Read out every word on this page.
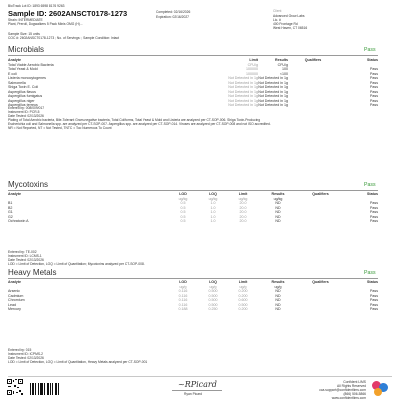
BioTrack Lot ID: 1893 6598 8176 9263
Sample ID: 2602ANSCT0178-1273
Strain: INTERMEDIATE
Plant, Preroll, Dogwalkers 5 Pack Minis OMG (H)...
Completed: 02/16/2026
Expiration: 02/16/2027
Client
Advanced Grow Labs
Lic. #
400 Frontage Rd
West Haven, CT 06516
Sample Size: 15 units
COC #: 2602ANSCT0178-1273 ; No. of Servings: ; Sample Condition: Intact
Microbials	Pass
Analyte	Limit	Results	Qualifiers	Status
Total Viable Aerobic Bacteria	CFU/g	CFU/g		
Total Yeast & Mold	100000	100		Pass
E coli	100000	<100		Pass
Listeria monocytogenes	Not Detected in 1g	Not Detected in 1g		Pass
Salmonella	Not Detected in 1g	Not Detected in 1g		Pass
Shiga Toxin E. Coli	Not Detected in 1g	Not Detected in 1g		Pass
Aspergillus flavus	Not Detected in 1g	Not Detected in 1g		Pass
Aspergillus fumigatus	Not Detected in 1g	Not Detected in 1g		Pass
Aspergillus niger	Not Detected in 1g	Not Detected in 1g		Pass
Aspergillus terreus	Not Detected in 1g	Not Detected in 1g		Pass
Entered by: 008/009/017
Instrument ID: PCR-5
Date Tested: 02/13/2026
Plating of Total Aerobic bacteria, Bile-Tolerant Gram-negative bacteria, Total Coliforms, Total Yeast & Mold and Listeria are analyzed per CT-SOP-006. Shiga Toxin-Producing
Escherichia coli and Salmonella spp. are analyzed per CT-SOP-007. Aspergillus spp. are analyzed per CT-SOP-014. Viruses are analyzed per CT-SOP-008 and not ISO accredited.
NR = Not Reported, NT = Not Tested, TNTC = Too Numerous To Count
Mycotoxins	Pass
Analyte	LOD	LOQ	Limit	Results	Qualifiers	Status
	ug/kg	ug/kg	ug/kg	ug/kg		
B1	0.5	1.0	20.0	ND		Pass
B2	0.5	1.0	20.0	ND		Pass
G1	0.5	1.0	20.0	ND		Pass
G2	0.5	1.0	20.0	ND		Pass
Ochratoxin A	0.5	1.0	20.0	ND		Pass
Entered by: TE-002
Instrument ID: LCMS-1
Date Tested: 02/13/2026
LOD = Limit of Detection, LOQ = Limit of Quantitation; Mycotoxins analyzed per CT-SOP-008.
Heavy Metals	Pass
Analyte	LOD	LOQ	Limit	Results	Qualifiers	Status
	ug/g	ug/g	ug/g	ug/g		
Arsenic	0.116	0.500	0.200	ND		Pass
Cadmium	0.116	0.500	0.200	ND		Pass
Chromium	0.116	0.500	0.600	ND		Pass
Lead	0.116	0.500	0.500	ND		Pass
Mercury	0.188	0.250	0.200	ND		Pass
Entered by: 015
Instrument ID: ICPMS-2
Date Tested: 02/13/2026
LOD = Limit of Detection, LOQ = Limit of Quantitation, Heavy Metals analyzed per CT-SOP-001
~RPicard
Ryan Picard
Confident LIMS
All Rights Reserved
cca.support@confidentlims.com
(866) 506-5866
www.confidentlims.com
